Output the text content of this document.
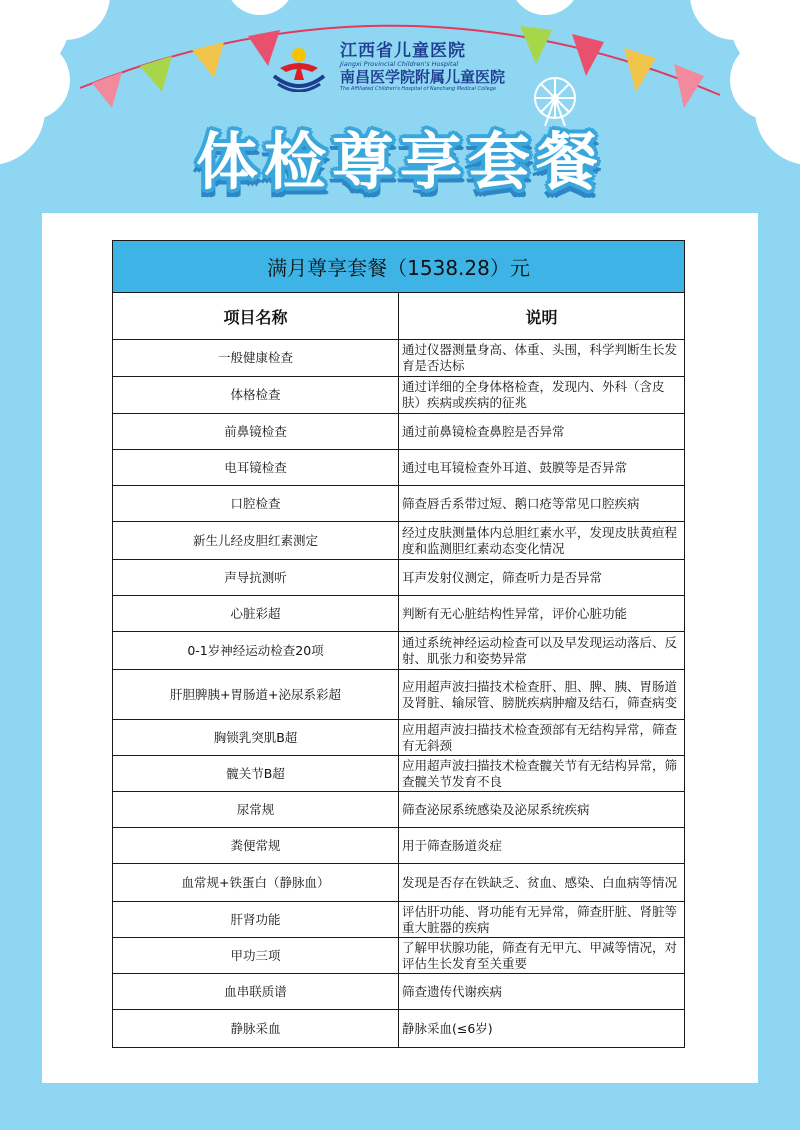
江西省儿童医院
Jiangxi Provincial Children's Hospital
南昌医学院附属儿童医院
The Affiliated Children's Hospital of Nanchang Medical College
体检尊享套餐
满月尊享套餐（1538.28）元	
项目名称	说明
一般健康检查	通过仪器测量身高、体重、头围，科学判断生长发育是否达标
体格检查	通过详细的全身体格检查，发现内、外科（含皮肤）疾病或疾病的征兆
前鼻镜检查	通过前鼻镜检查鼻腔是否异常
电耳镜检查	通过电耳镜检查外耳道、鼓膜等是否异常
口腔检查	筛查唇舌系带过短、鹅口疮等常见口腔疾病
新生儿经皮胆红素测定	经过皮肤测量体内总胆红素水平，发现皮肤黄疸程度和监测胆红素动态变化情况
声导抗测听	耳声发射仪测定，筛查听力是否异常
心脏彩超	判断有无心脏结构性异常，评价心脏功能
0-1岁神经运动检查20项	通过系统神经运动检查可以及早发现运动落后、反射、肌张力和姿势异常
肝胆脾胰+胃肠道+泌尿系彩超	应用超声波扫描技术检查肝、胆、脾、胰、胃肠道及肾脏、输尿管、膀胱疾病肿瘤及结石，筛查病变
胸锁乳突肌B超	应用超声波扫描技术检查颈部有无结构异常，筛查有无斜颈
髋关节B超	应用超声波扫描技术检查髋关节有无结构异常，筛查髋关节发育不良
尿常规	筛查泌尿系统感染及泌尿系统疾病
粪便常规	用于筛查肠道炎症
血常规+铁蛋白（静脉血）	发现是否存在铁缺乏、贫血、感染、白血病等情况
肝肾功能	评估肝功能、肾功能有无异常，筛查肝脏、肾脏等重大脏器的疾病
甲功三项	了解甲状腺功能，筛查有无甲亢、甲减等情况，对评估生长发育至关重要
血串联质谱	筛查遗传代谢疾病
静脉采血	静脉采血(≤6岁)
